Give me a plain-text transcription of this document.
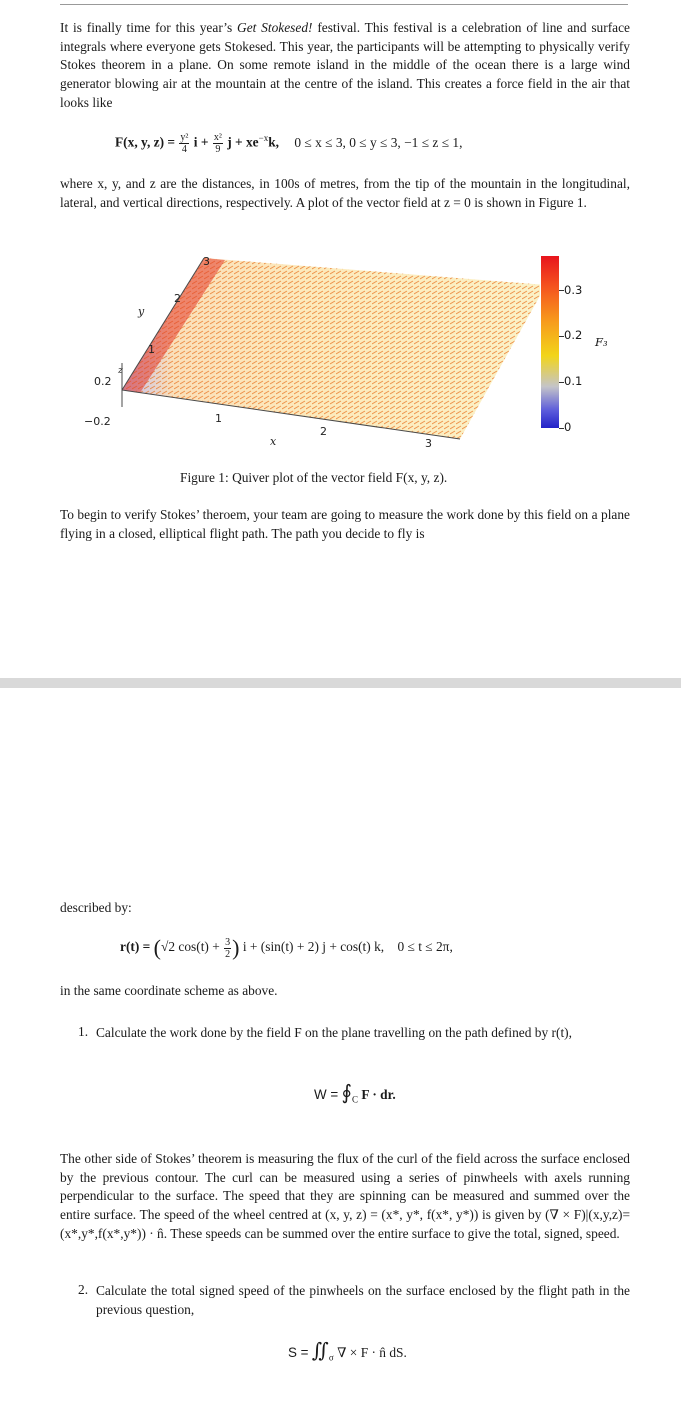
It is finally time for this year’s Get Stokesed! festival. This festival is a celebration of line and surface integrals where everyone gets Stokesed. This year, the participants will be attempting to physically verify Stokes theorem in a plane. On some remote island in the middle of the ocean there is a large wind generator blowing air at the mountain at the centre of the island. This creates a force field in the air that looks like
F(x, y, $z) = \frac{\text{y²}}{4}$ $i + \frac{\text{x²}}{9}$ $j + xe^{-x}k$, 0 ≤ x ≤ 3, 0 ≤ y ≤ 3, −1 ≤ z ≤ 1,
where x, y, and z are the distances, in 100s of metres, from the tip of the mountain in the longitudinal, lateral, and vertical directions, respectively. A plot of the vector field at z = 0 is shown in Figure 1.
3
2
1
y
z
0.2
−0.2	1
2
3
x
0.3
0.2
0.1
0
F₃
Figure 1: Quiver plot of the vector field F(x, y, z).
To begin to verify Stokes’ theroem, your team are going to measure the work done by this field on a plane flying in a closed, elliptical flight path. The path you decide to fly is
described by:
r(t) = (√2 $\cos(t) + \frac{3}{2}$ ) i + (sin(t) + 2) j + cos(t) k, 0 ≤ t ≤ 2π,
in the same coordinate scheme as above.
1. Calculate the work done by the field F on the plane travelling on the path defined by r(t),
$W = ∮_C$ F · dr.
The other side of Stokes’ theorem is measuring the flux of the curl of the field across the surface enclosed by the previous contour. The curl can be measured using a series of pinwheels with axels running perpendicular to the surface. The speed that they are spinning can be measured and summed over the entire surface. The speed of the wheel centred at (x, y, z) = (x*, y*, f(x*, y*)) is given by (∇ × F)|(x,y,z)=(x*,y*,f(x*,y*)) · n̂. These speeds can be summed over the entire surface to give the total, signed, speed.
2. Calculate the total signed speed of the pinwheels on the surface enclosed by the flight path in the previous question,
$S = ∬_\sigma$ ∇ × F · n̂ dS.
